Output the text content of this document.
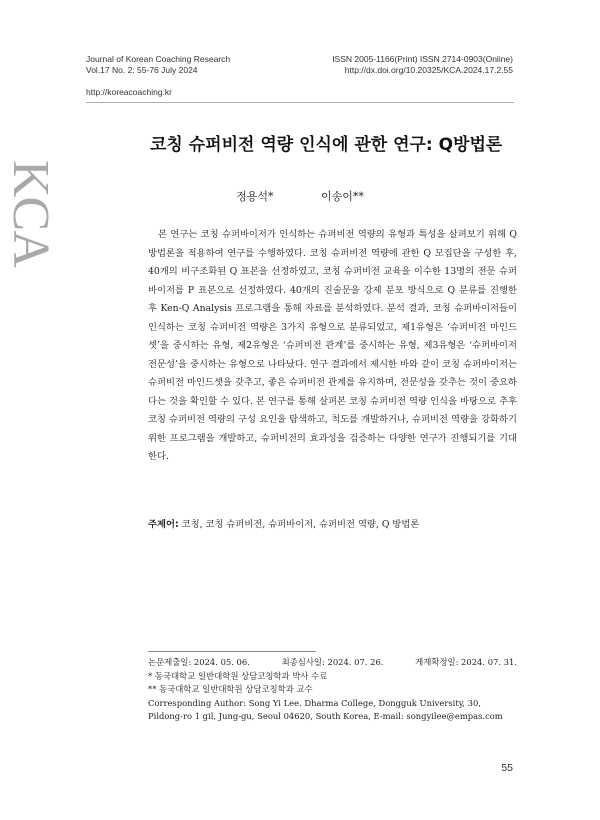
Journal of Korean Coaching Research
Vol.17 No. 2: 55-76 July 2024
ISSN 2005-1166(Print) ISSN 2714-0903(Online)
http://dx.doi.org/10.20325/KCA.2024.17.2.55
http://koreacoaching.kr
KCA
코칭 슈퍼비전 역량 인식에 관한 연구: Q방법론
정용석*	이송이**
본 연구는 코칭 슈퍼바이저가 인식하는 슈퍼비전 역량의 유형과 특성을 살펴보기 위해 Q 방법론을 적용하여 연구를 수행하였다. 코칭 슈퍼비전 역량에 관한 Q 모집단을 구성한 후, 40개의 비구조화된 Q 표본을 선정하였고, 코칭 슈퍼비전 교육을 이수한 13명의 전문 슈퍼바이저를 P 표본으로 선정하였다. 40개의 진술문을 강제 분포 방식으로 Q 분류를 진행한 후 Ken-Q Analysis 프로그램을 통해 자료를 분석하였다. 분석 결과, 코칭 슈퍼바이저들이 인식하는 코칭 슈퍼비전 역량은 3가지 유형으로 분류되었고, 제1유형은 ‘슈퍼비전 마인드셋’을 중시하는 유형, 제2유형은 ‘슈퍼비전 관계’를 중시하는 유형, 제3유형은 ‘슈퍼바이저 전문성’을 중시하는 유형으로 나타났다. 연구 결과에서 제시한 바와 같이 코칭 슈퍼바이저는 슈퍼비전 마인드셋을 갖추고, 좋은 슈퍼비전 관계를 유지하며, 전문성을 갖추는 것이 중요하다는 것을 확인할 수 있다. 본 연구를 통해 살펴본 코칭 슈퍼비전 역량 인식을 바탕으로 추후 코칭 슈퍼비전 역량의 구성 요인을 탐색하고, 척도를 개발하거나, 슈퍼비전 역량을 강화하기 위한 프로그램을 개발하고, 슈퍼비전의 효과성을 검증하는 다양한 연구가 진행되기를 기대한다.
주제어: 코칭, 코칭 슈퍼비전, 슈퍼바이저, 슈퍼비전 역량, Q 방법론
논문제출일: 2024. 05. 06.	최종심사일: 2024. 07. 26.	게재확정일: 2024. 07. 31.
* 동국대학교 일반대학원 상담코칭학과 박사 수료
** 동국대학교 일반대학원 상담코칭학과 교수
Corresponding Author: Song Yi Lee. Dharma College, Dongguk University, 30, Pildong-ro 1 gil, Jung-gu, Seoul 04620, South Korea, E-mail: songyilee@empas.com
55
